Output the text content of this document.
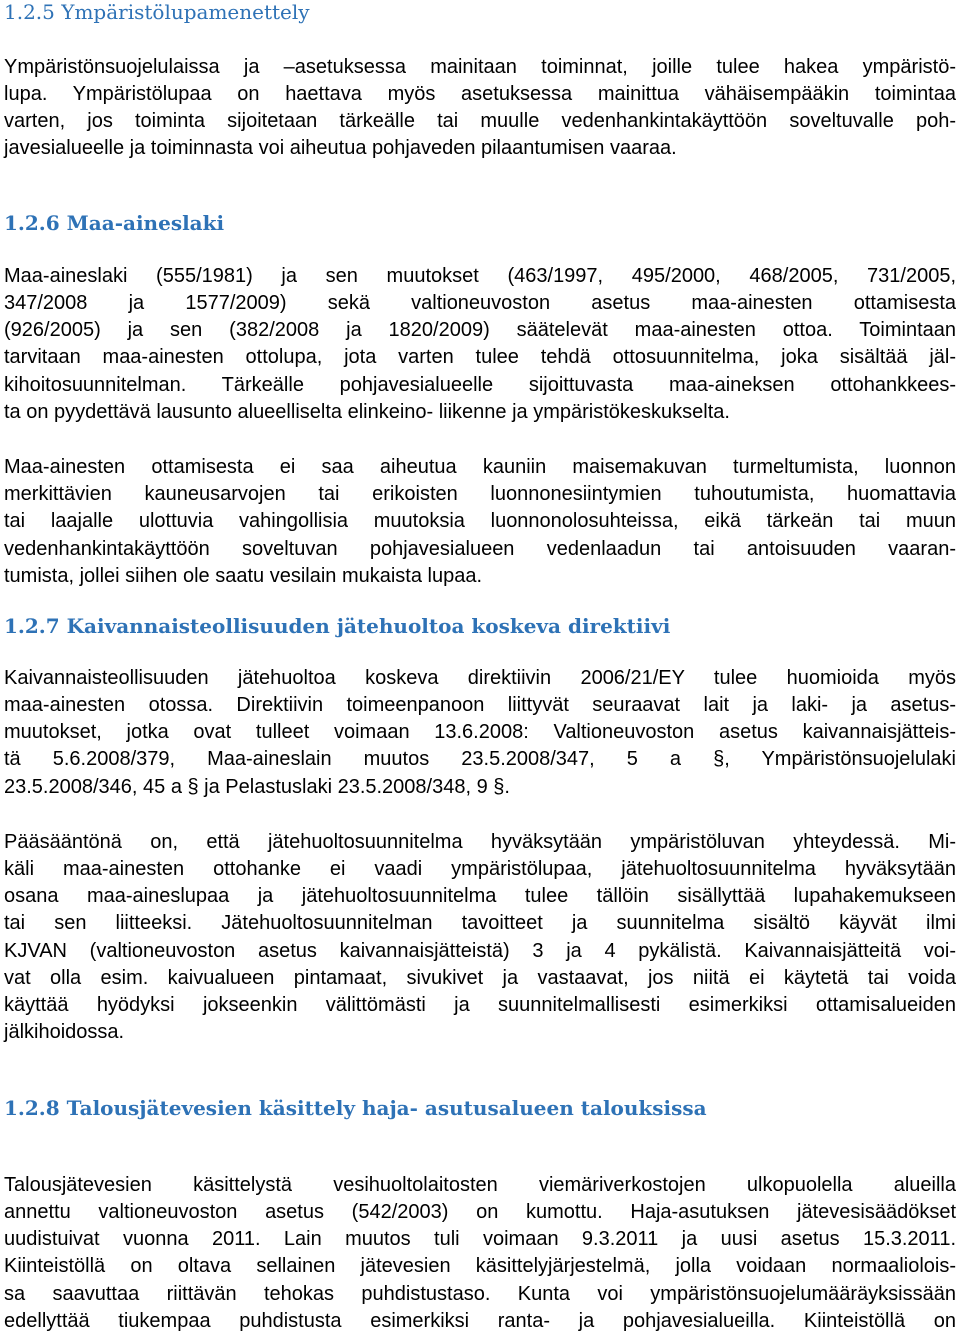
1.2.5 Ympäristölupamenettely
Ympäristönsuojelulaissa ja –asetuksessa mainitaan toiminnat, joille tulee hakea ympäristö-
lupa. Ympäristölupaa on haettava myös asetuksessa mainittua vähäisempääkin toimintaa
varten, jos toiminta sijoitetaan tärkeälle tai muulle vedenhankintakäyttöön soveltuvalle poh-
javesialueelle ja toiminnasta voi aiheutua pohjaveden pilaantumisen vaaraa.
1.2.6 Maa-aineslaki
Maa-aineslaki (555/1981) ja sen muutokset (463/1997, 495/2000, 468/2005, 731/2005,
347/2008 ja 1577/2009) sekä valtioneuvoston asetus maa-ainesten ottamisesta
(926/2005) ja sen (382/2008 ja 1820/2009) säätelevät maa-ainesten ottoa. Toimintaan
tarvitaan maa-ainesten ottolupa, jota varten tulee tehdä ottosuunnitelma, joka sisältää jäl-
kihoitosuunnitelman. Tärkeälle pohjavesialueelle sijoittuvasta maa-aineksen ottohankkees-
ta on pyydettävä lausunto alueelliselta elinkeino- liikenne ja ympäristökeskukselta.
Maa-ainesten ottamisesta ei saa aiheutua kauniin maisemakuvan turmeltumista, luonnon
merkittävien kauneusarvojen tai erikoisten luonnonesiintymien tuhoutumista, huomattavia
tai laajalle ulottuvia vahingollisia muutoksia luonnonolosuhteissa, eikä tärkeän tai muun
vedenhankintakäyttöön soveltuvan pohjavesialueen vedenlaadun tai antoisuuden vaaran-
tumista, jollei siihen ole saatu vesilain mukaista lupaa.
1.2.7 Kaivannaisteollisuuden jätehuoltoa koskeva direktiivi
Kaivannaisteollisuuden jätehuoltoa koskeva direktiivin 2006/21/EY tulee huomioida myös
maa-ainesten otossa. Direktiivin toimeenpanoon liittyvät seuraavat lait ja laki- ja asetus-
muutokset, jotka ovat tulleet voimaan 13.6.2008: Valtioneuvoston asetus kaivannaisjätteis-
tä 5.6.2008/379, Maa-aineslain muutos 23.5.2008/347, 5 a §, Ympäristönsuojelulaki
23.5.2008/346, 45 a § ja Pelastuslaki 23.5.2008/348, 9 §.
Pääsääntönä on, että jätehuoltosuunnitelma hyväksytään ympäristöluvan yhteydessä. Mi-
käli maa-ainesten ottohanke ei vaadi ympäristölupaa, jätehuoltosuunnitelma hyväksytään
osana maa-aineslupaa ja jätehuoltosuunnitelma tulee tällöin sisällyttää lupahakemukseen
tai sen liitteeksi. Jätehuoltosuunnitelman tavoitteet ja suunnitelma sisältö käyvät ilmi
KJVAN (valtioneuvoston asetus kaivannaisjätteistä) 3 ja 4 pykälistä. Kaivannaisjätteitä voi-
vat olla esim. kaivualueen pintamaat, sivukivet ja vastaavat, jos niitä ei käytetä tai voida
käyttää hyödyksi jokseenkin välittömästi ja suunnitelmallisesti esimerkiksi ottamisalueiden
jälkihoidossa.
1.2.8 Talousjätevesien käsittely haja- asutusalueen talouksissa
Talousjätevesien käsittelystä vesihuoltolaitosten viemäriverkostojen ulkopuolella alueilla
annettu valtioneuvoston asetus (542/2003) on kumottu. Haja-asutuksen jätevesisäädökset
uudistuivat vuonna 2011. Lain muutos tuli voimaan 9.3.2011 ja uusi asetus 15.3.2011.
Kiinteistöllä on oltava sellainen jätevesien käsittelyjärjestelmä, jolla voidaan normaaliolois-
sa saavuttaa riittävän tehokas puhdistustaso. Kunta voi ympäristönsuojelumääräyksissään
edellyttää tiukempaa puhdistusta esimerkiksi ranta- ja pohjavesialueilla. Kiinteistöllä on
